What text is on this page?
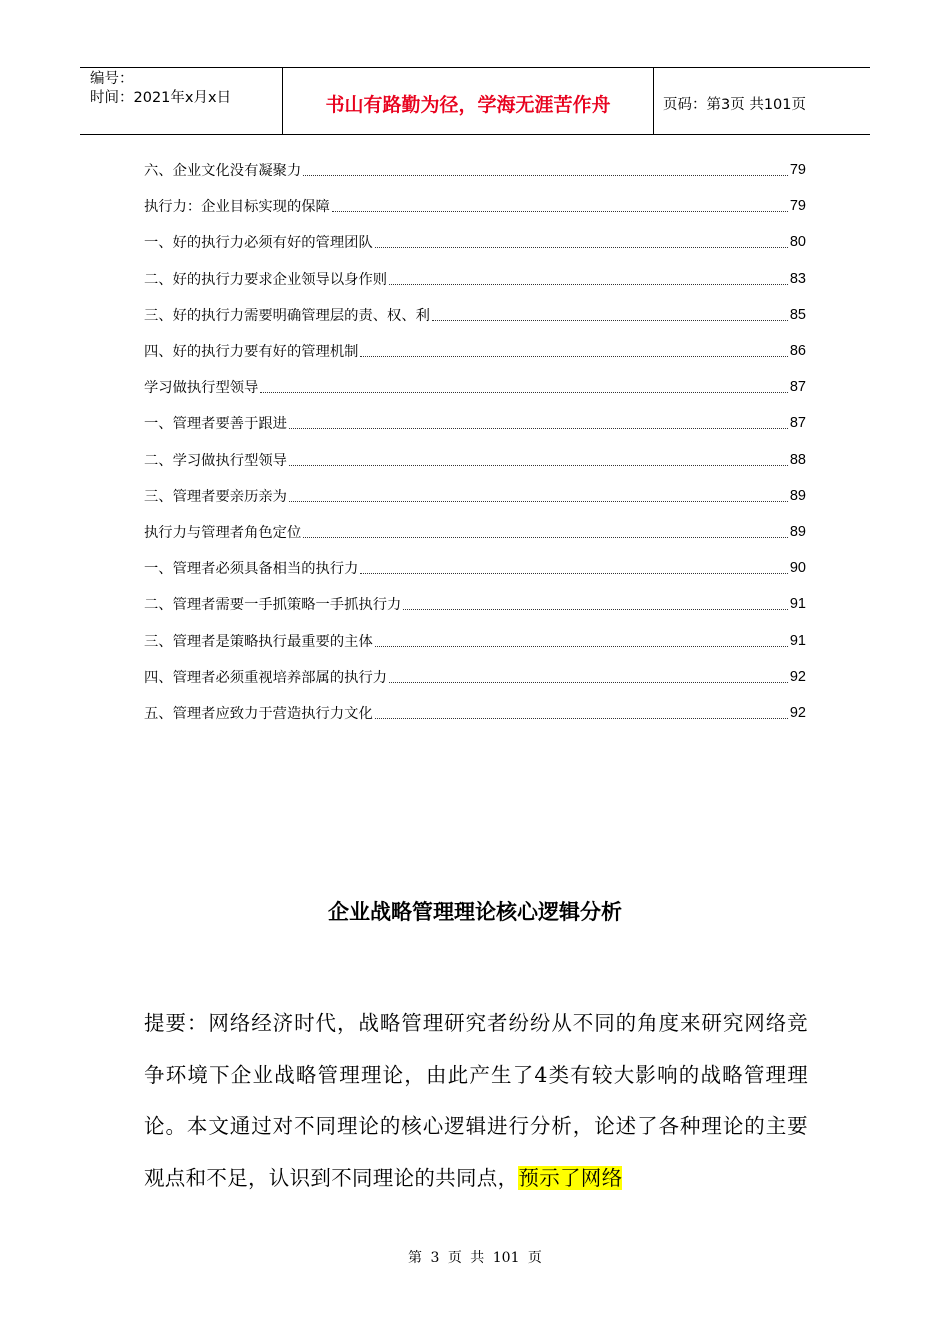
编号：
时间：2021年x月x日	书山有路勤为径，学海无涯苦作舟	页码：第3页 共101页
六、企业文化没有凝聚力	79
执行力：企业目标实现的保障	79
一、好的执行力必须有好的管理团队	80
二、好的执行力要求企业领导以身作则	83
三、好的执行力需要明确管理层的责、权、利	85
四、好的执行力要有好的管理机制	86
学习做执行型领导	87
一、管理者要善于跟进	87
二、学习做执行型领导	88
三、管理者要亲历亲为	89
执行力与管理者角色定位	89
一、管理者必须具备相当的执行力	90
二、管理者需要一手抓策略一手抓执行力	91
三、管理者是策略执行最重要的主体	91
四、管理者必须重视培养部属的执行力	92
五、管理者应致力于营造执行力文化	92
企业战略管理理论核心逻辑分析
提要：网络经济时代，战略管理研究者纷纷从不同的角度来研究网络竞争环境下企业战略管理理论，由此产生了4类有较大影响的战略管理理论。本文通过对不同理论的核心逻辑进行分析，论述了各种理论的主要观点和不足，认识到不同理论的共同点，预示了网络
第 3 页 共 101 页
